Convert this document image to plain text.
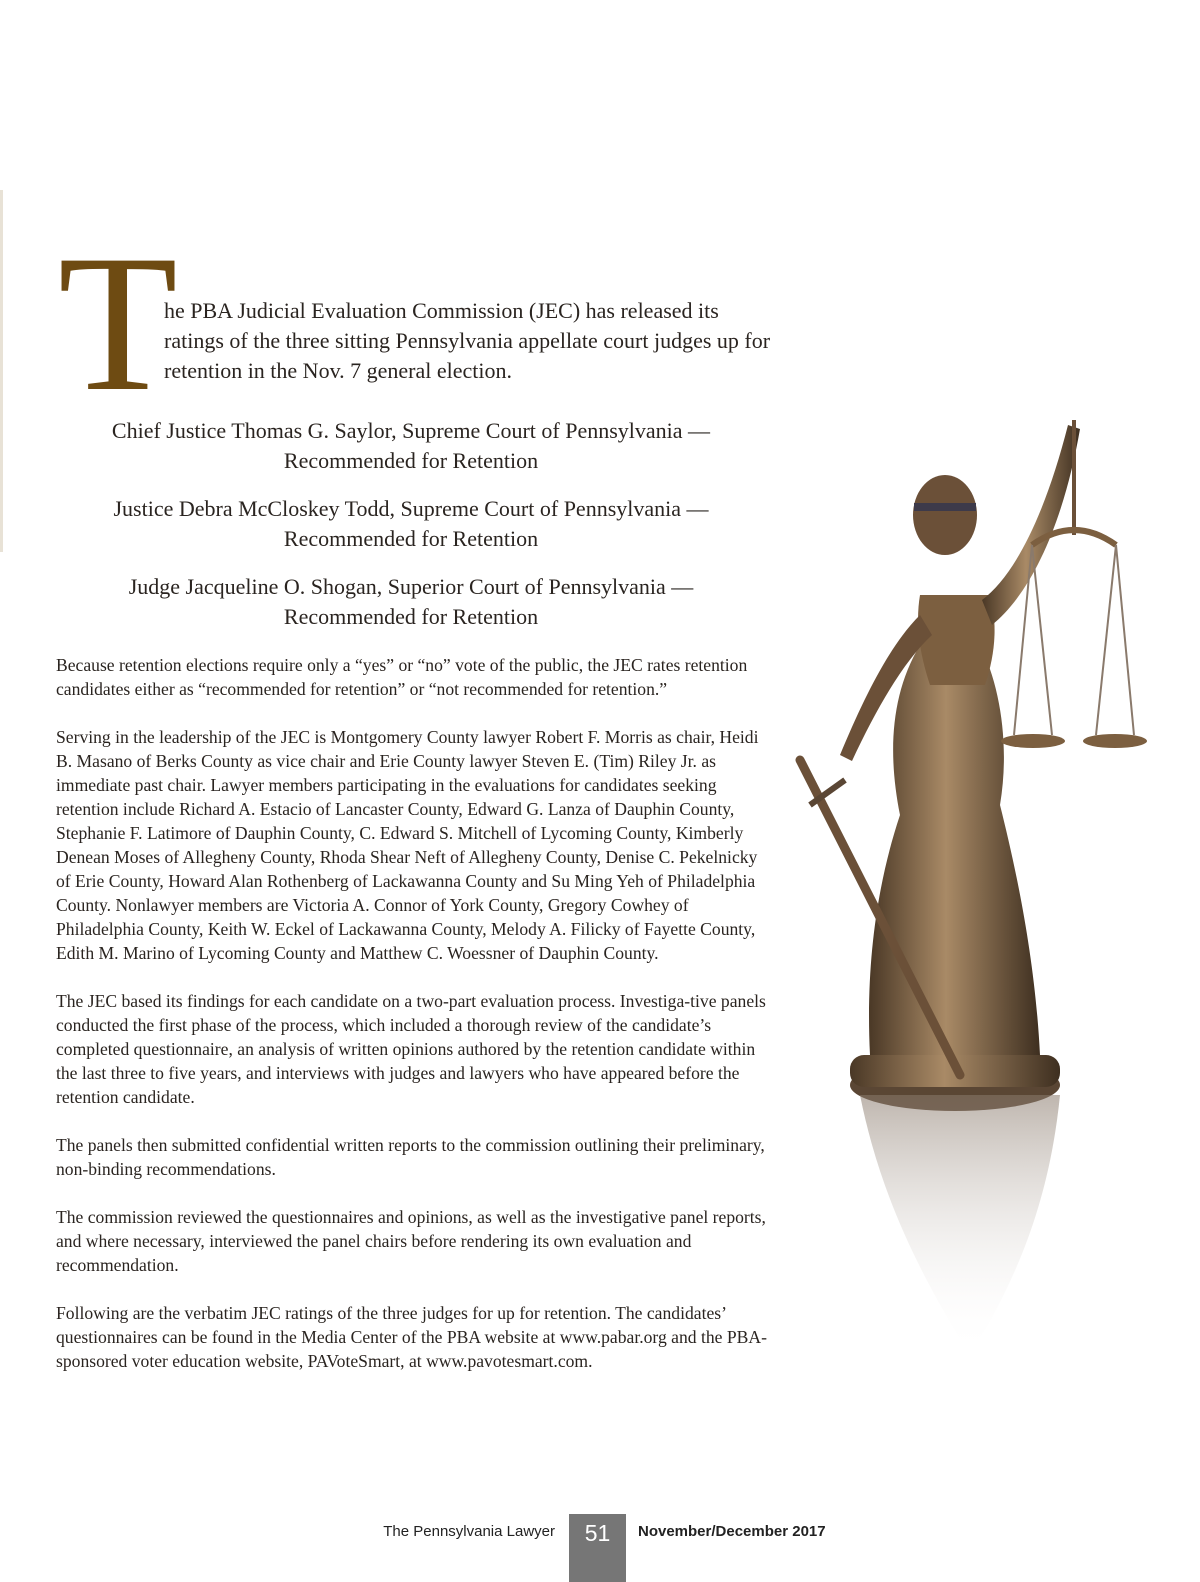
T

he PBA Judicial Evaluation Commission (JEC) has released its ratings of the three sitting Pennsylvania appellate court judges up for retention in the Nov. 7 general election.

Chief Justice Thomas G. Saylor, Supreme Court of Pennsylvania —
Recommended for Retention

Justice Debra McCloskey Todd, Supreme Court of Pennsylvania —
Recommended for Retention

Judge Jacqueline O. Shogan, Superior Court of Pennsylvania —
Recommended for Retention

Because retention elections require only a “yes” or “no” vote of the public, the JEC rates retention candidates either as “recommended for retention” or “not recommended for retention.”

Serving in the leadership of the JEC is Montgomery County lawyer Robert F. Morris as chair, Heidi B. Masano of Berks County as vice chair and Erie County lawyer Steven E. (Tim) Riley Jr. as immediate past chair. Lawyer members participating in the evaluations for candidates seeking retention include Richard A. Estacio of Lancaster County, Edward G. Lanza of Dauphin County, Stephanie F. Latimore of Dauphin County, C. Edward S. Mitchell of Lycoming County, Kimberly Denean Moses of Allegheny County, Rhoda Shear Neft of Allegheny County, Denise C. Pekelnicky of Erie County, Howard Alan Rothenberg of Lackawanna County and Su Ming Yeh of Philadelphia County. Nonlawyer members are Victoria A. Connor of York County, Gregory Cowhey of Philadelphia County, Keith W. Eckel of Lackawanna County, Melody A. Filicky of Fayette County, Edith M. Marino of Lycoming County and Matthew C. Woessner of Dauphin County.

The JEC based its findings for each candidate on a two-part evaluation process. Investiga-tive panels conducted the first phase of the process, which included a thorough review of the candidate’s completed questionnaire, an analysis of written opinions authored by the retention candidate within the last three to five years, and interviews with judges and lawyers who have appeared before the retention candidate.

The panels then submitted confidential written reports to the commission outlining their preliminary, non-binding recommendations.

The commission reviewed the questionnaires and opinions, as well as the investigative panel reports, and where necessary, interviewed the panel chairs before rendering its own evaluation and recommendation.

Following are the verbatim JEC ratings of the three judges for up for retention. The candidates’ questionnaires can be found in the Media Center of the PBA website at www.pabar.org and the PBA-sponsored voter education website, PAVoteSmart, at www.pavotesmart.com.

The Pennsylvania Lawyer	51	November/December 2017
